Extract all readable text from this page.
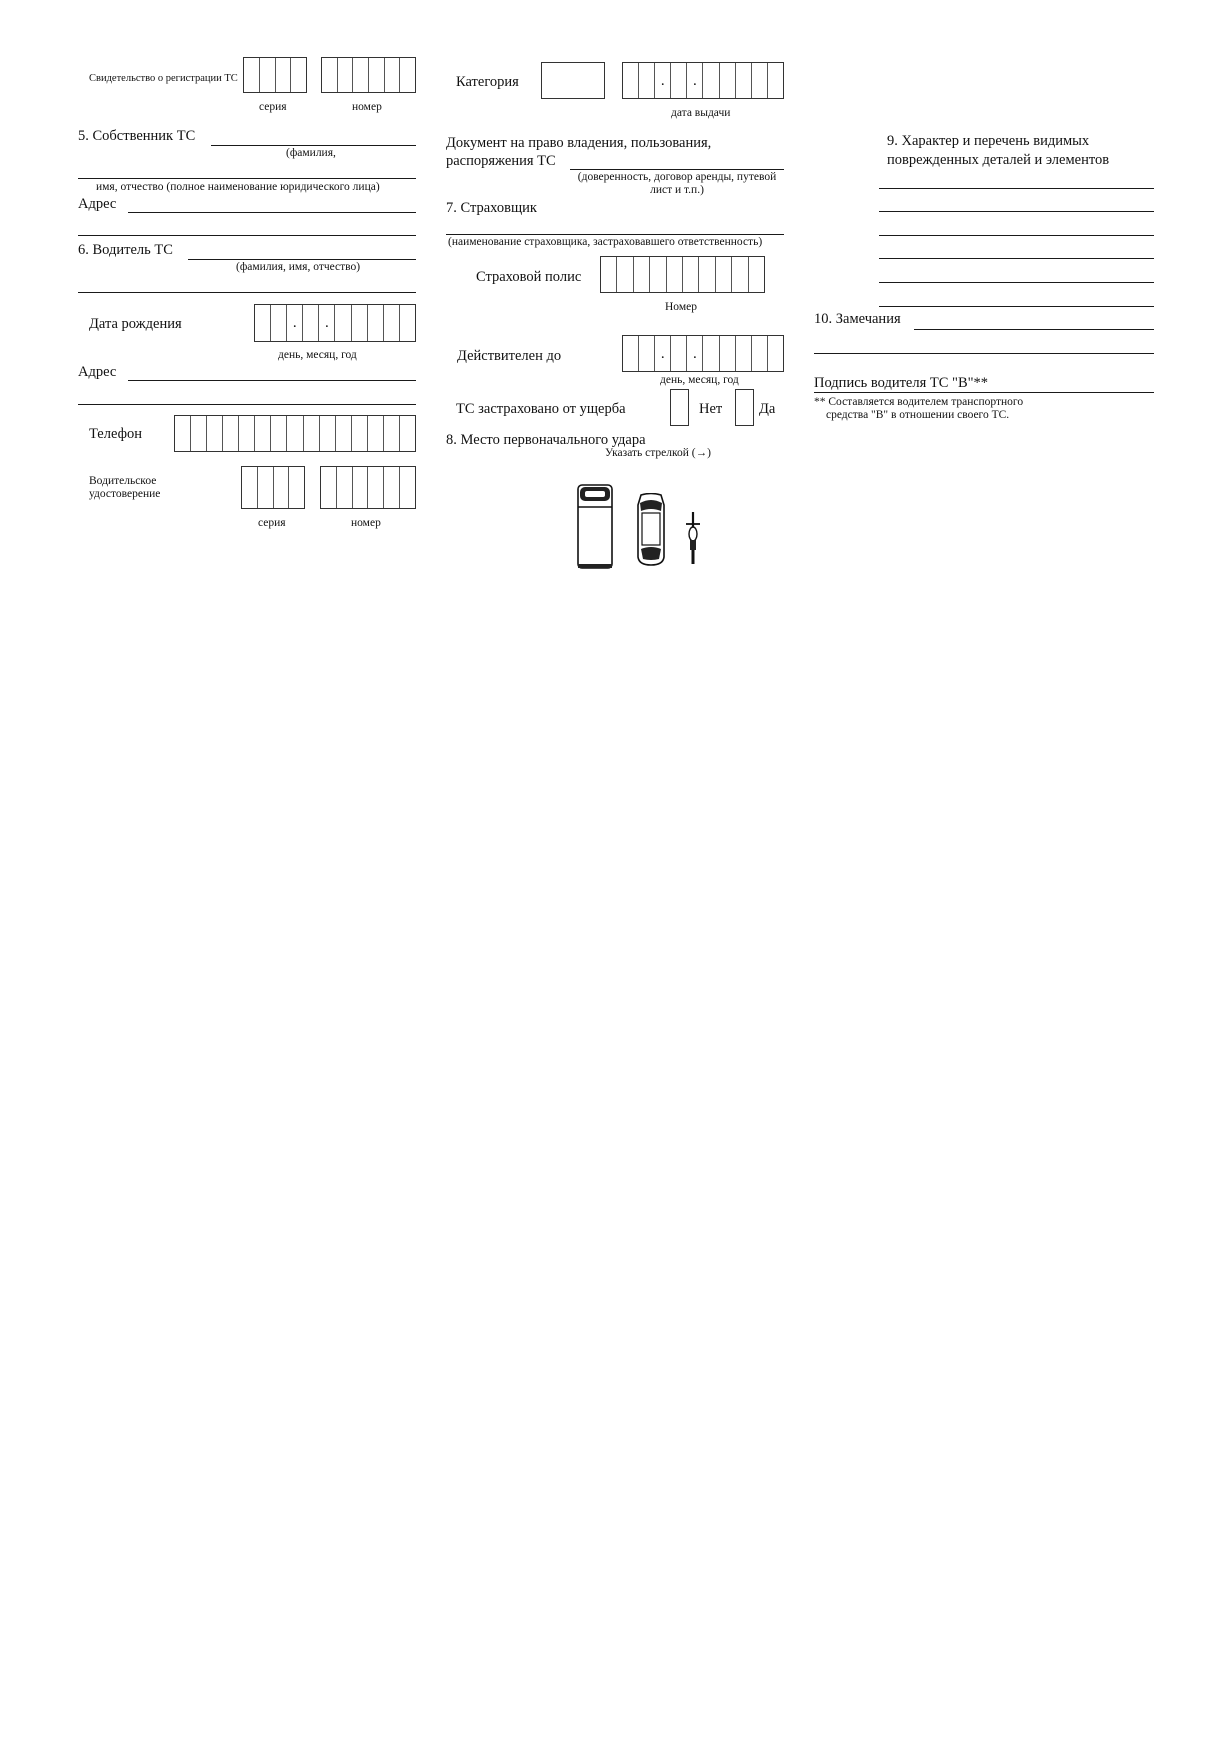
Свидетельство о регистрации ТС
серия	номер
5. Собственник ТС
(фамилия,
имя, отчество (полное наименование юридического лица)
Адрес
6. Водитель ТС
(фамилия, имя, отчество)
Дата рождения
.
.
день, месяц, год
Адрес
Телефон
Водительское
удостоверение
серия	номер
Категория
.
.
дата выдачи
Документ на право владения, пользования,
распоряжения ТС
(доверенность, договор аренды, путевой
лист и т.п.)
7. Страховщик
(наименование страховщика, застраховавшего ответственность)
Страховой полис
Номер
Действителен до
.
.
день, месяц, год
ТС застраховано от ущерба	Нет	Да
8. Место первоначального удара
Указать стрелкой (→)
9. Характер и перечень видимых
поврежденных деталей и элементов
10. Замечания
Подпись водителя ТС "В"**
** Составляется водителем транспортного
средства "В" в отношении своего ТС.
